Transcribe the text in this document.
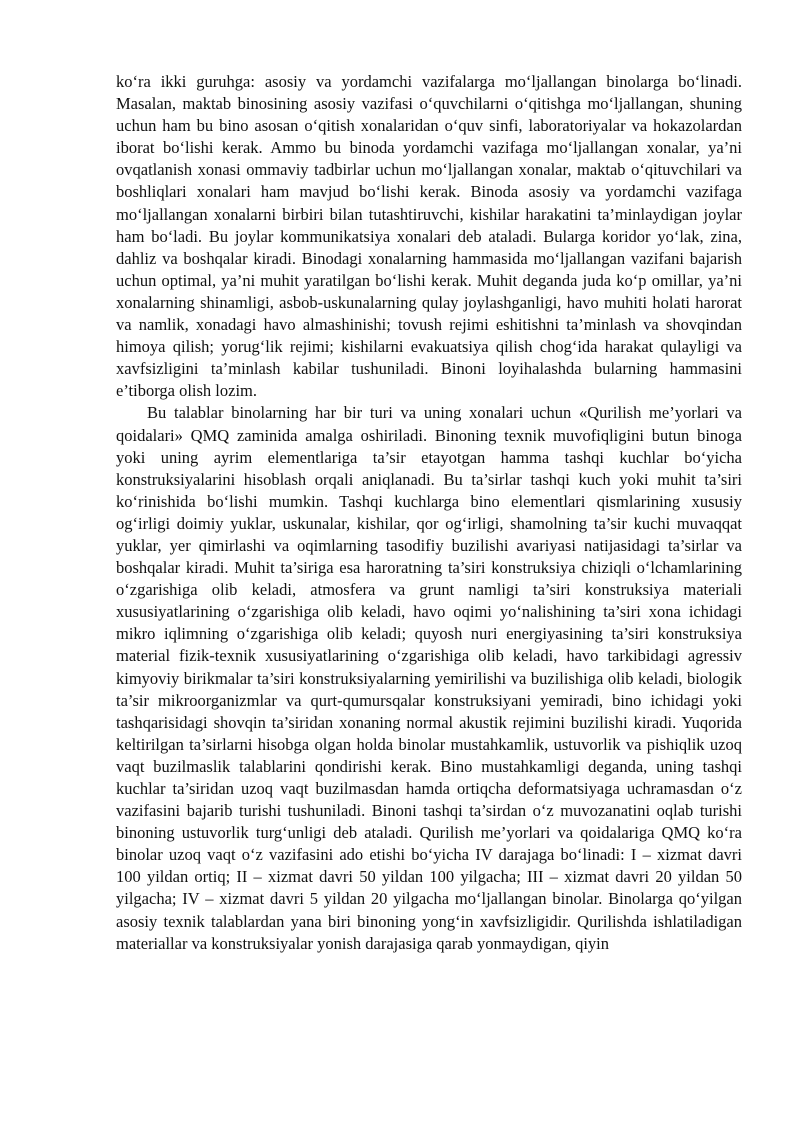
ko‘ra ikki guruhga: asosiy va yordamchi vazifalarga mo‘ljallangan binolarga bo‘linadi. Masalan, maktab binosining asosiy vazifasi o‘quvchilarni o‘qitishga mo‘ljallangan, shuning uchun ham bu bino asosan o‘qitish xonalaridan o‘quv sinfi, laboratoriyalar va hokazolardan iborat bo‘lishi kerak. Ammo bu binoda yordamchi vazifaga mo‘ljallangan xonalar, ya’ni ovqatlanish xonasi ommaviy tadbirlar uchun mo‘ljallangan xonalar, maktab o‘qituvchilari va boshliqlari xonalari ham mavjud bo‘lishi kerak. Binoda asosiy va yordamchi vazifaga mo‘ljallangan xonalarni birbiri bilan tutashtiruvchi, kishilar harakatini ta’minlaydigan joylar ham bo‘ladi. Bu joylar kommunikatsiya xonalari deb ataladi. Bularga koridor yo‘lak, zina, dahliz va boshqalar kiradi. Binodagi xonalarning hammasida mo‘ljallangan vazifani bajarish uchun optimal, ya’ni muhit yaratilgan bo‘lishi kerak. Muhit deganda juda ko‘p omillar, ya’ni xonalarning shinamligi, asbob-uskunalarning qulay joylashganligi, havo muhiti holati harorat va namlik, xonadagi havo almashinishi; tovush rejimi eshitishni ta’minlash va shovqindan himoya qilish; yorug‘lik rejimi; kishilarni evakuatsiya qilish chog‘ida harakat qulayligi va xavfsizligini ta’minlash kabilar tushuniladi. Binoni loyihalashda bularning hammasini e’tiborga olish lozim.

Bu talablar binolarning har bir turi va uning xonalari uchun «Qurilish me’yorlari va qoidalari» QMQ zaminida amalga oshiriladi. Binoning texnik muvofiqligini butun binoga yoki uning ayrim elementlariga ta’sir etayotgan hamma tashqi kuchlar bo‘yicha konstruksiyalarini hisoblash orqali aniqlanadi. Bu ta’sirlar tashqi kuch yoki muhit ta’siri ko‘rinishida bo‘lishi mumkin. Tashqi kuchlarga bino elementlari qismlarining xususiy og‘irligi doimiy yuklar, uskunalar, kishilar, qor og‘irligi, shamolning ta’sir kuchi muvaqqat yuklar, yer qimirlashi va oqimlarning tasodifiy buzilishi avariyasi natijasidagi ta’sirlar va boshqalar kiradi. Muhit ta’siriga esa haroratning ta’siri konstruksiya chiziqli o‘lchamlarining o‘zgarishiga olib keladi, atmosfera va grunt namligi ta’siri konstruksiya materiali xususiyatlarining o‘zgarishiga olib keladi, havo oqimi yo‘nalishining ta’siri xona ichidagi mikro iqlimning o‘zgarishiga olib keladi; quyosh nuri energiyasining ta’siri konstruksiya material fizik-texnik xususiyatlarining o‘zgarishiga olib keladi, havo tarkibidagi agressiv kimyoviy birikmalar ta’siri konstruksiyalarning yemirilishi va buzilishiga olib keladi, biologik ta’sir mikroorganizmlar va qurt-qumursqalar konstruksiyani yemiradi, bino ichidagi yoki tashqarisidagi shovqin ta’siridan xonaning normal akustik rejimini buzilishi kiradi. Yuqorida keltirilgan ta’sirlarni hisobga olgan holda binolar mustahkamlik, ustuvorlik va pishiqlik uzoq vaqt buzilmaslik talablarini qondirishi kerak. Bino mustahkamligi deganda, uning tashqi kuchlar ta’siridan uzoq vaqt buzilmasdan hamda ortiqcha deformatsiyaga uchramasdan o‘z vazifasini bajarib turishi tushuniladi. Binoni tashqi ta’sirdan o‘z muvozanatini oqlab turishi binoning ustuvorlik turg‘unligi deb ataladi. Qurilish me’yorlari va qoidalariga QMQ ko‘ra binolar uzoq vaqt o‘z vazifasini ado etishi bo‘yicha IV darajaga bo‘linadi: I – xizmat davri 100 yildan ortiq; II – xizmat davri 50 yildan 100 yilgacha; III – xizmat davri 20 yildan 50 yilgacha; IV – xizmat davri 5 yildan 20 yilgacha mo‘ljallangan binolar. Binolarga qo‘yilgan asosiy texnik talablardan yana biri binoning yong‘in xavfsizligidir. Qurilishda ishlatiladigan materiallar va konstruksiyalar yonish darajasiga qarab yonmaydigan, qiyin
